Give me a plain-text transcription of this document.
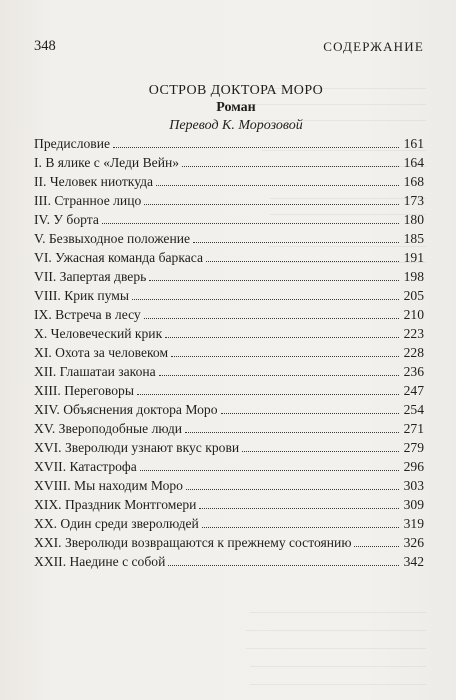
348	СОДЕРЖАНИЕ
ОСТРОВ ДОКТОРА МОРО
Роман
Перевод К. Морозовой
Предисловие	161
I. В ялике с «Леди Вейн»	164
II. Человек ниоткуда	168
III. Странное лицо	173
IV. У борта	180
V. Безвыходное положение	185
VI. Ужасная команда баркаса	191
VII. Запертая дверь	198
VIII. Крик пумы	205
IX. Встреча в лесу	210
X. Человеческий крик	223
XI. Охота за человеком	228
XII. Глашатаи закона	236
XIII. Переговоры	247
XIV. Объяснения доктора Моро	254
XV. Звероподобные люди	271
XVI. Зверолюди узнают вкус крови	279
XVII. Катастрофа	296
XVIII. Мы находим Моро	303
XIX. Праздник Монтгомери	309
XX. Один среди зверолюдей	319
XXI. Зверолюди возвращаются к прежнему состоянию	326
XXII. Наедине с собой	342
